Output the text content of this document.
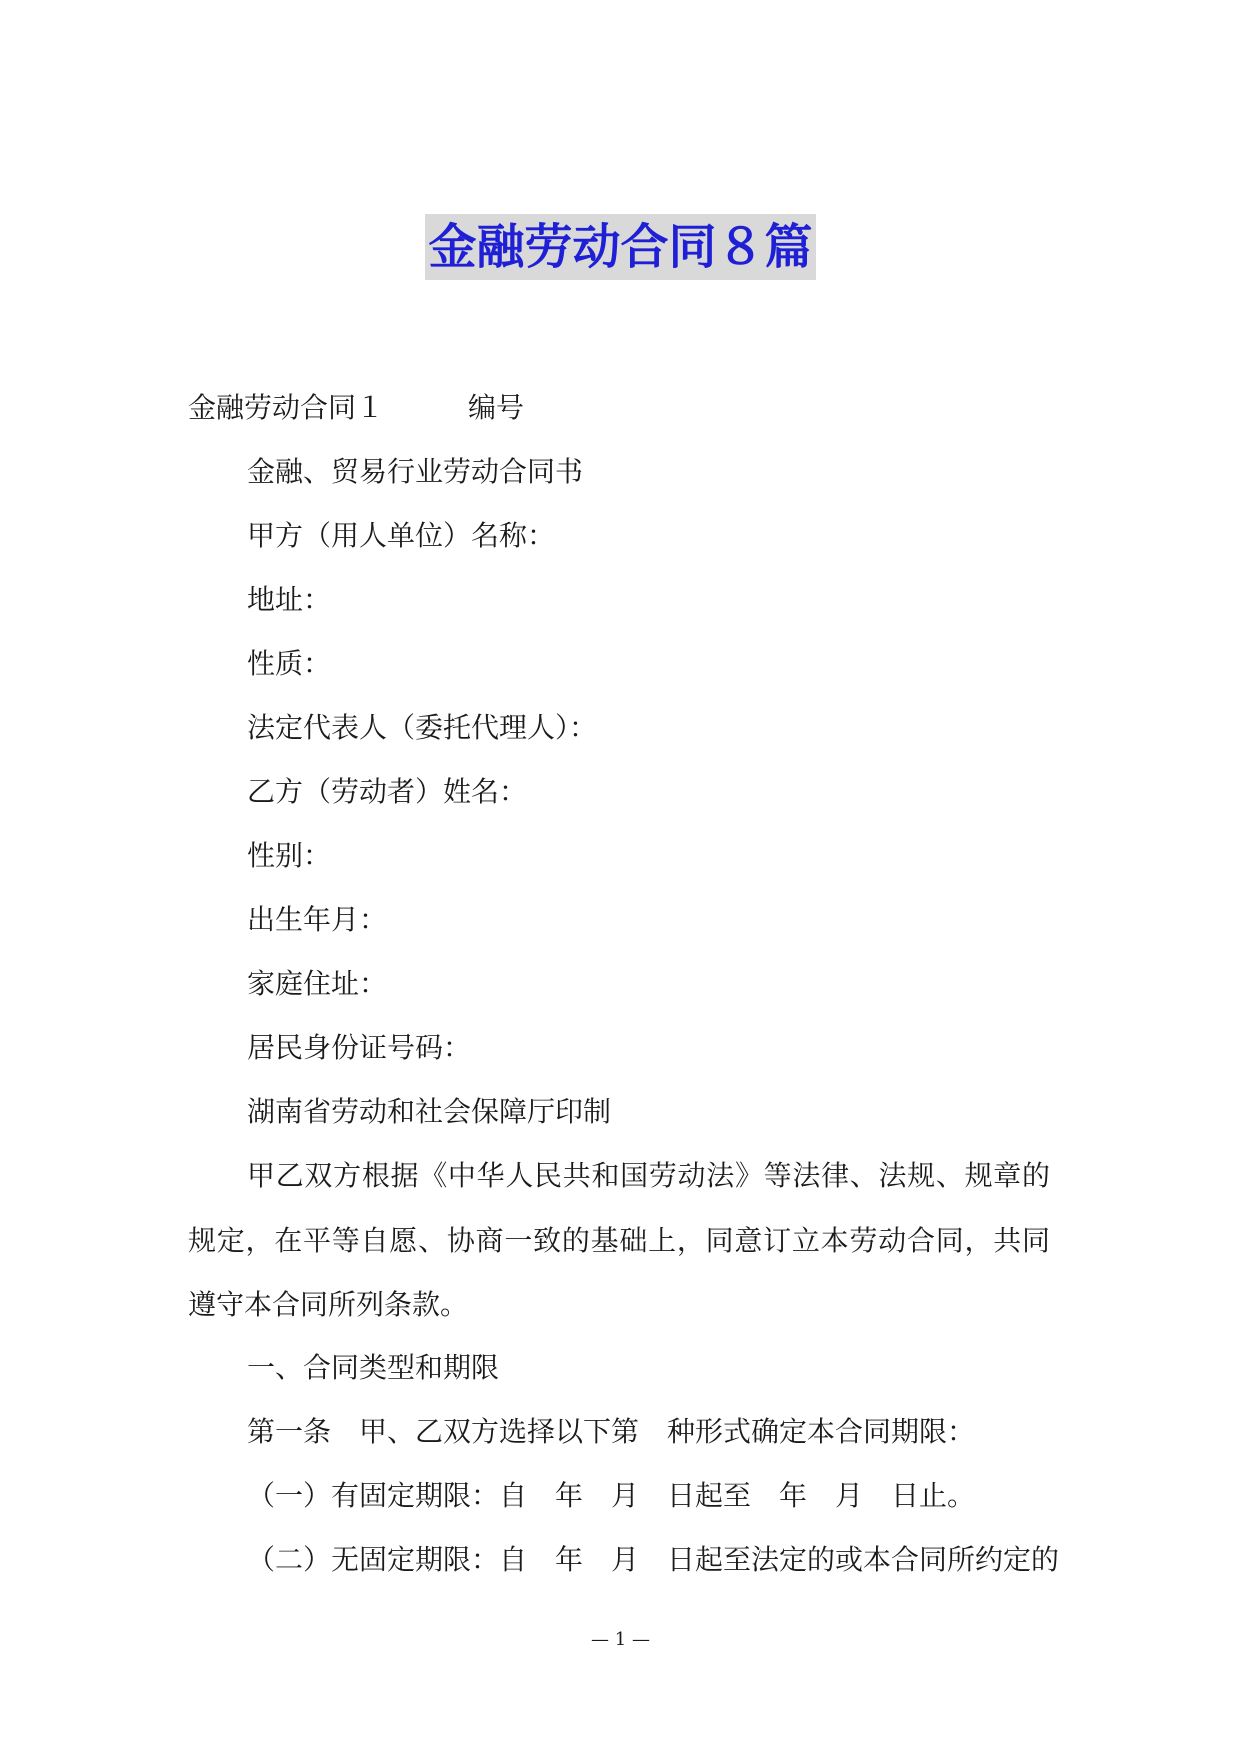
金融劳动合同８篇
金融劳动合同１　　　编号
金融、贸易行业劳动合同书
甲方（用人单位）名称：
地址：
性质：
法定代表人（委托代理人）：
乙方（劳动者）姓名：
性别：
出生年月：
家庭住址：
居民身份证号码：
湖南省劳动和社会保障厅印制
甲乙双方根据《中华人民共和国劳动法》等法律、法规、规章的规定，在平等自愿、协商一致的基础上，同意订立本劳动合同，共同遵守本合同所列条款。
一、合同类型和期限
第一条　甲、乙双方选择以下第　种形式确定本合同期限：
（一）有固定期限：自　年　月　日起至　年　月　日止。
（二）无固定期限：自　年　月　日起至法定的或本合同所约定的
— 1 —
